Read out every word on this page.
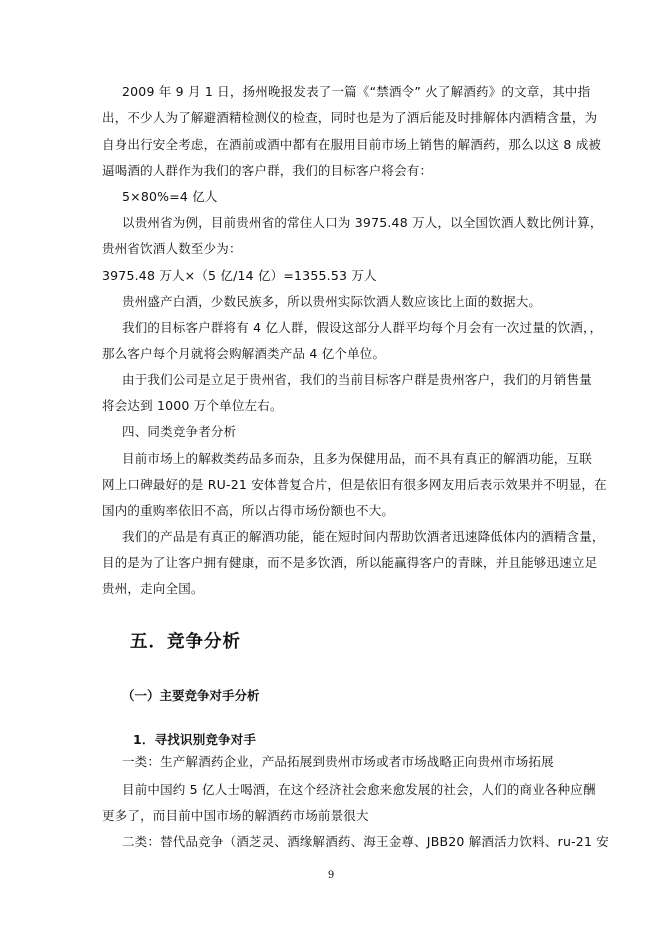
2009 年 9 月 1 日，扬州晚报发表了一篇《“禁酒令” 火了解酒药》的文章，其中指
出，不少人为了解避酒精检测仪的检查，同时也是为了酒后能及时排解体内酒精含量，为
自身出行安全考虑，在酒前或酒中都有在服用目前市场上销售的解酒药，那么以这 8 成被
逼喝酒的人群作为我们的客户群，我们的目标客户将会有：
5×80%=4 亿人
以贵州省为例，目前贵州省的常住人口为 3975.48 万人，以全国饮酒人数比例计算，
贵州省饮酒人数至少为：
3975.48 万人×（5 亿/14 亿）=1355.53 万人
贵州盛产白酒，少数民族多，所以贵州实际饮酒人数应该比上面的数据大。
我们的目标客户群将有 4 亿人群，假设这部分人群平均每个月会有一次过量的饮酒，，
那么客户每个月就将会购解酒类产品 4 亿个单位。
由于我们公司是立足于贵州省，我们的当前目标客户群是贵州客户，我们的月销售量
将会达到 1000 万个单位左右。
四、同类竞争者分析
目前市场上的解救类药品多而杂，且多为保健用品，而不具有真正的解酒功能，互联
网上口碑最好的是 RU-21 安体普复合片，但是依旧有很多网友用后表示效果并不明显，在
国内的重购率依旧不高，所以占得市场份额也不大。
我们的产品是有真正的解酒功能，能在短时间内帮助饮酒者迅速降低体内的酒精含量，
目的是为了让客户拥有健康，而不是多饮酒，所以能赢得客户的青睐，并且能够迅速立足
贵州，走向全国。
五．竞争分析
（一）主要竞争对手分析
1．寻找识别竞争对手
一类：生产解酒药企业，产品拓展到贵州市场或者市场战略正向贵州市场拓展
目前中国约 5 亿人士喝酒，在这个经济社会愈来愈发展的社会，人们的商业各种应酬
更多了，而目前中国市场的解酒药市场前景很大
二类：替代品竞争（酒芝灵、酒缘解酒药、海王金尊、JBB20 解酒活力饮料、ru-21 安
9
